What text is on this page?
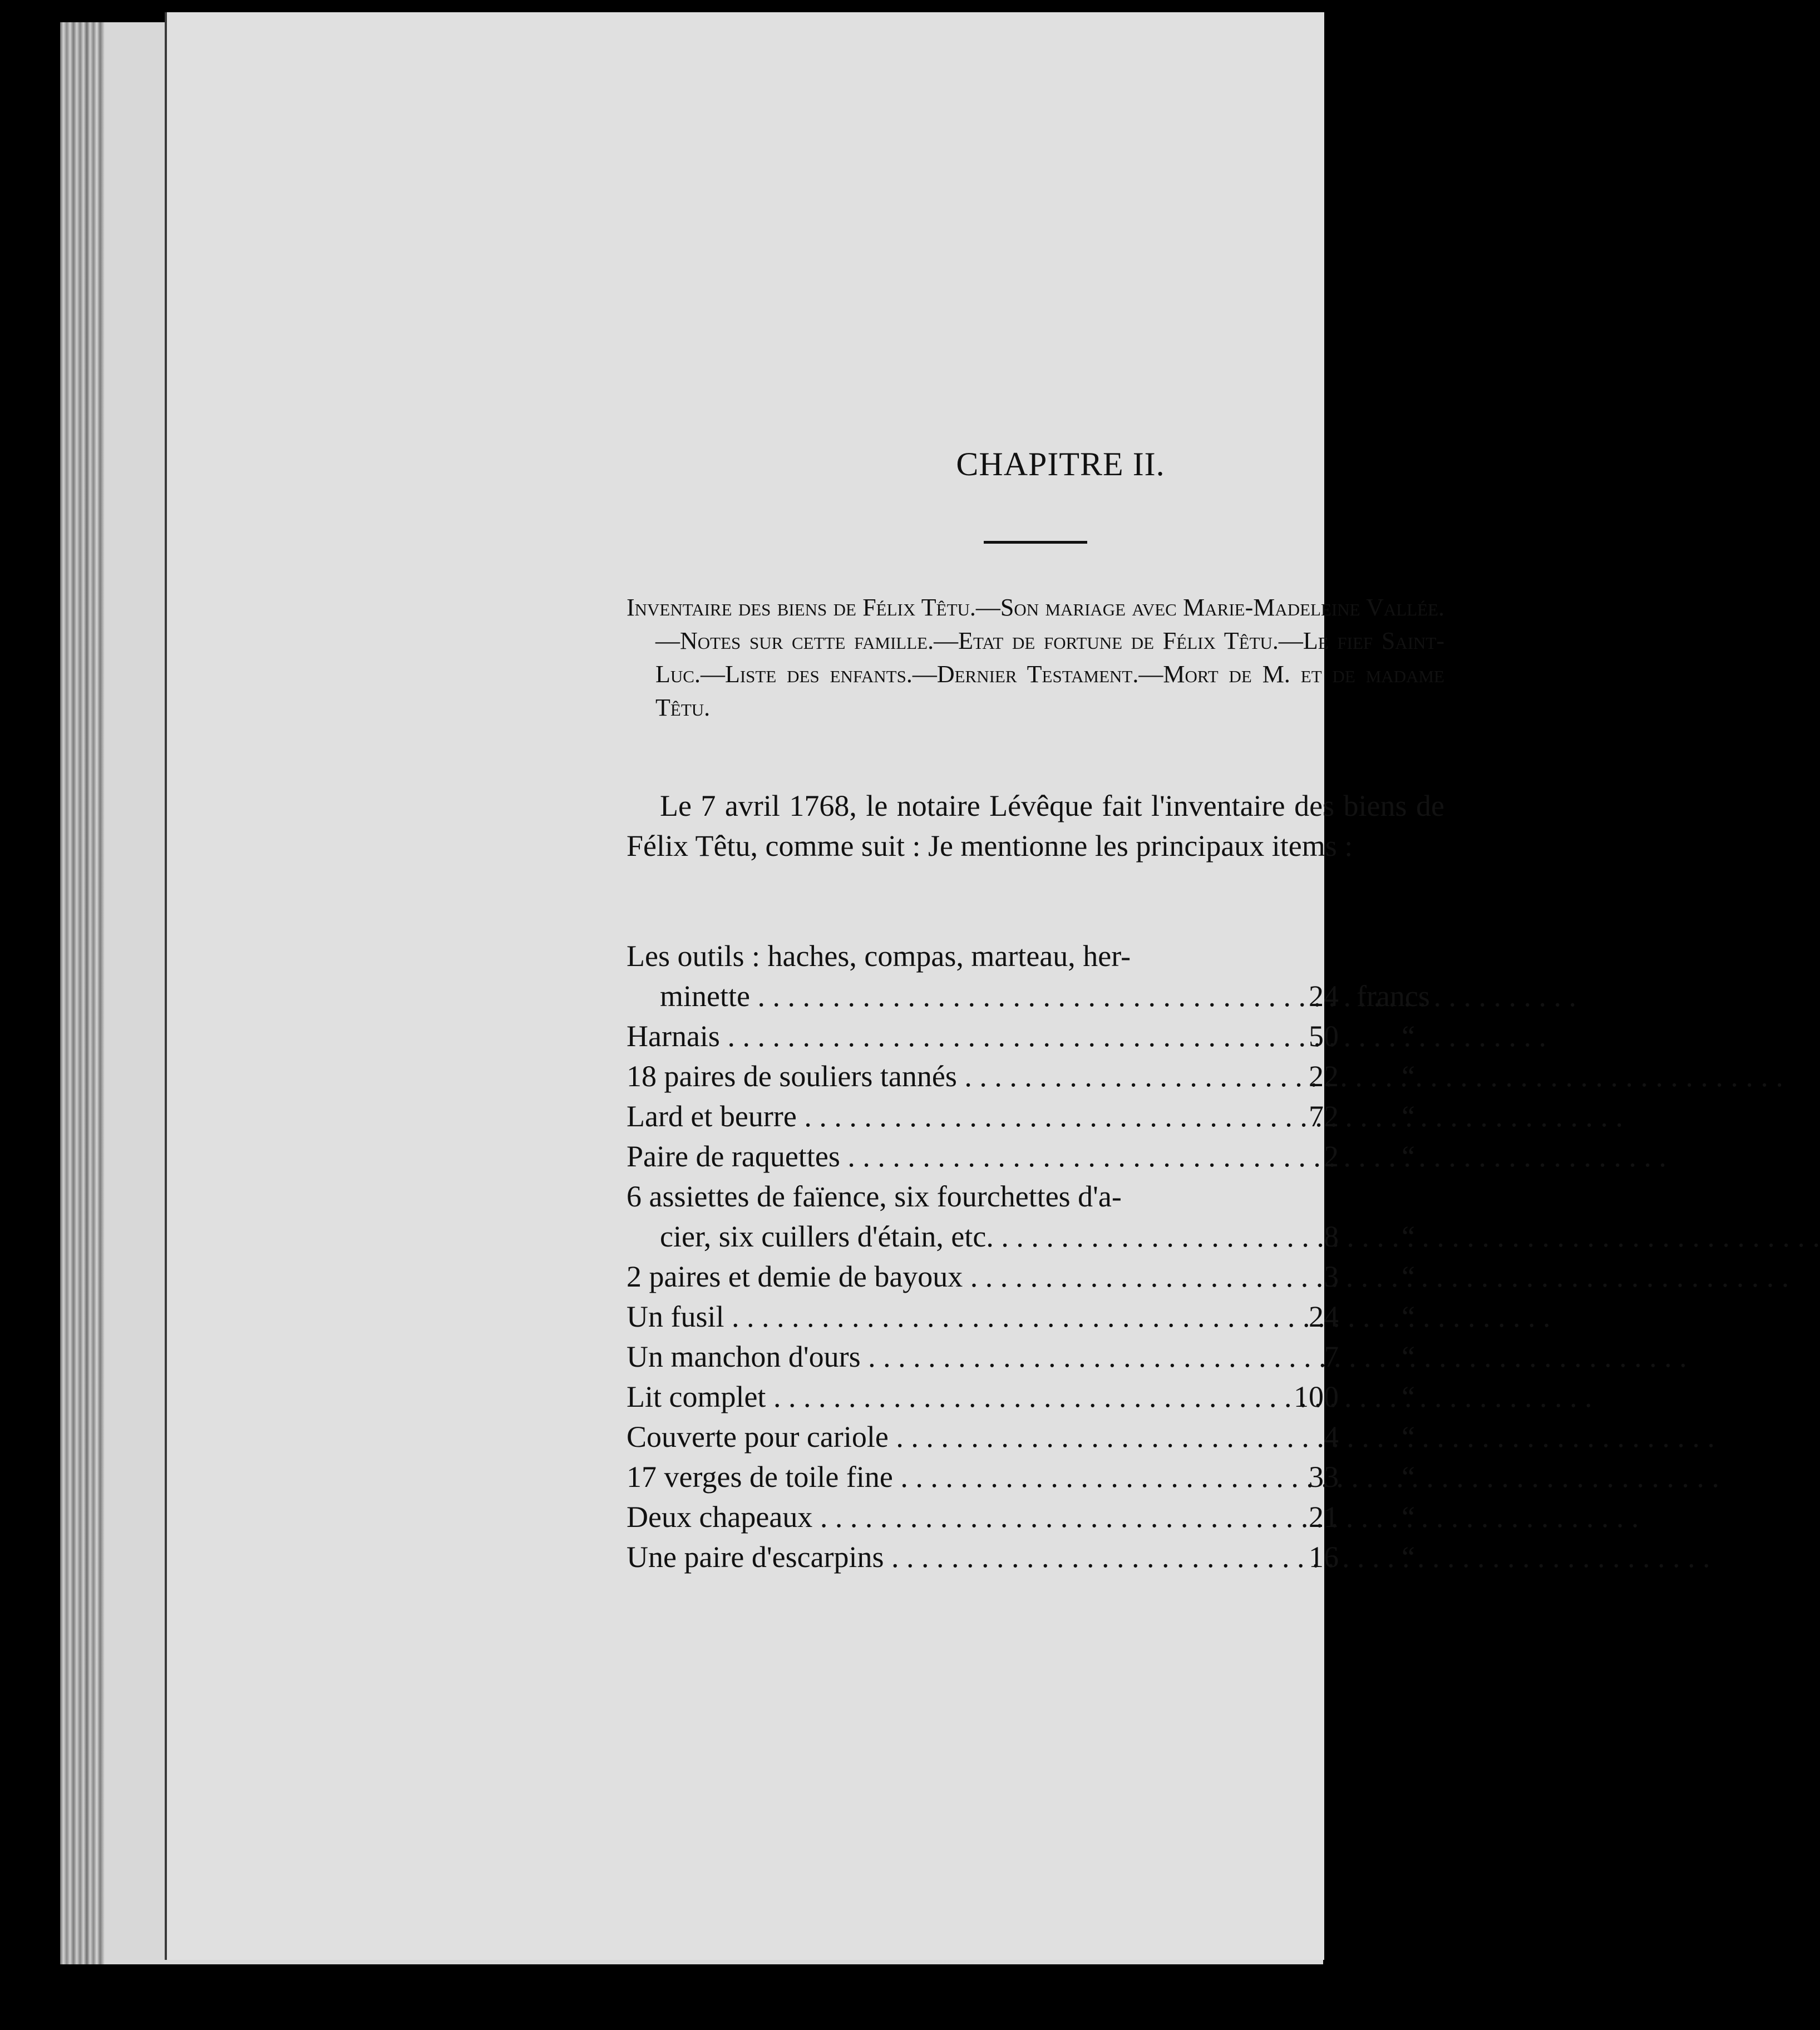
CHAPITRE II.
Inventaire des biens de Félix Têtu.—Son mariage avec Marie-Madeleine Vallée.—Notes sur cette famille.—Etat de fortune de Félix Têtu.—Le fief Saint-Luc.—Liste des enfants.—Dernier Testament.—Mort de M. et de madame Têtu.
Le 7 avril 1768, le notaire Lévêque fait l'inventaire des biens de Félix Têtu, comme suit : Je mentionne les principaux items :
Les outils : haches, compas, marteau, her-
minette . . .	24 francs
Harnais . . .	50	“
18 paires de souliers tannés . . .	22	“
Lard et beurre . . .	72	“
Paire de raquettes . . .	2	“
6 assiettes de faïence, six fourchettes d'a-
cier, six cuillers d'étain, etc. . . .	8	“
2 paires et demie de bayoux . . .	3	“
Un fusil . . .	24	“
Un manchon d'ours . . .	7	“
Lit complet . . .	100	“
Couverte pour cariole . . .	4	“
17 verges de toile fine . . .	33	“
Deux chapeaux . . .	21	“
Une paire d'escarpins . . .	16	“
